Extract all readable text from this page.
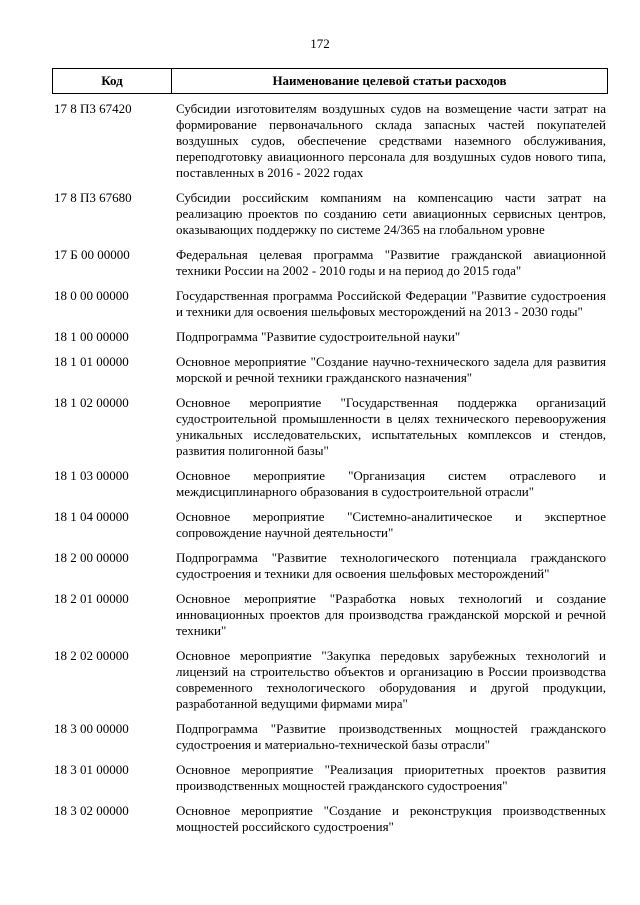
172
Код	Наименование целевой статьи расходов
17 8 П3 67420	Субсидии изготовителям воздушных судов на возмещение части затрат на формирование первоначального склада запасных частей покупателей воздушных судов, обеспечение средствами наземного обслуживания, переподготовку авиационного персонала для воздушных судов нового типа, поставленных в 2016 - 2022 годах
17 8 П3 67680	Субсидии российским компаниям на компенсацию части затрат на реализацию проектов по созданию сети авиационных сервисных центров, оказывающих поддержку по системе 24/365 на глобальном уровне
17 Б 00 00000	Федеральная целевая программа "Развитие гражданской авиационной техники России на 2002 - 2010 годы и на период до 2015 года"
18 0 00 00000	Государственная программа Российской Федерации "Развитие судостроения и техники для освоения шельфовых месторождений на 2013 - 2030 годы"
18 1 00 00000	Подпрограмма "Развитие судостроительной науки"
18 1 01 00000	Основное мероприятие "Создание научно-технического задела для развития морской и речной техники гражданского назначения"
18 1 02 00000	Основное мероприятие "Государственная поддержка организаций судостроительной промышленности в целях технического перевооружения уникальных исследовательских, испытательных комплексов и стендов, развития полигонной базы"
18 1 03 00000	Основное мероприятие "Организация систем отраслевого и междисциплинарного образования в судостроительной отрасли"
18 1 04 00000	Основное мероприятие "Системно-аналитическое и экспертное сопровождение научной деятельности"
18 2 00 00000	Подпрограмма "Развитие технологического потенциала гражданского судостроения и техники для освоения шельфовых месторождений"
18 2 01 00000	Основное мероприятие "Разработка новых технологий и создание инновационных проектов для производства гражданской морской и речной техники"
18 2 02 00000	Основное мероприятие "Закупка передовых зарубежных технологий и лицензий на строительство объектов и организацию в России производства современного технологического оборудования и другой продукции, разработанной ведущими фирмами мира"
18 3 00 00000	Подпрограмма "Развитие производственных мощностей гражданского судостроения и материально-технической базы отрасли"
18 3 01 00000	Основное мероприятие "Реализация приоритетных проектов развития производственных мощностей гражданского судостроения"
18 3 02 00000	Основное мероприятие "Создание и реконструкция производственных мощностей российского судостроения"
